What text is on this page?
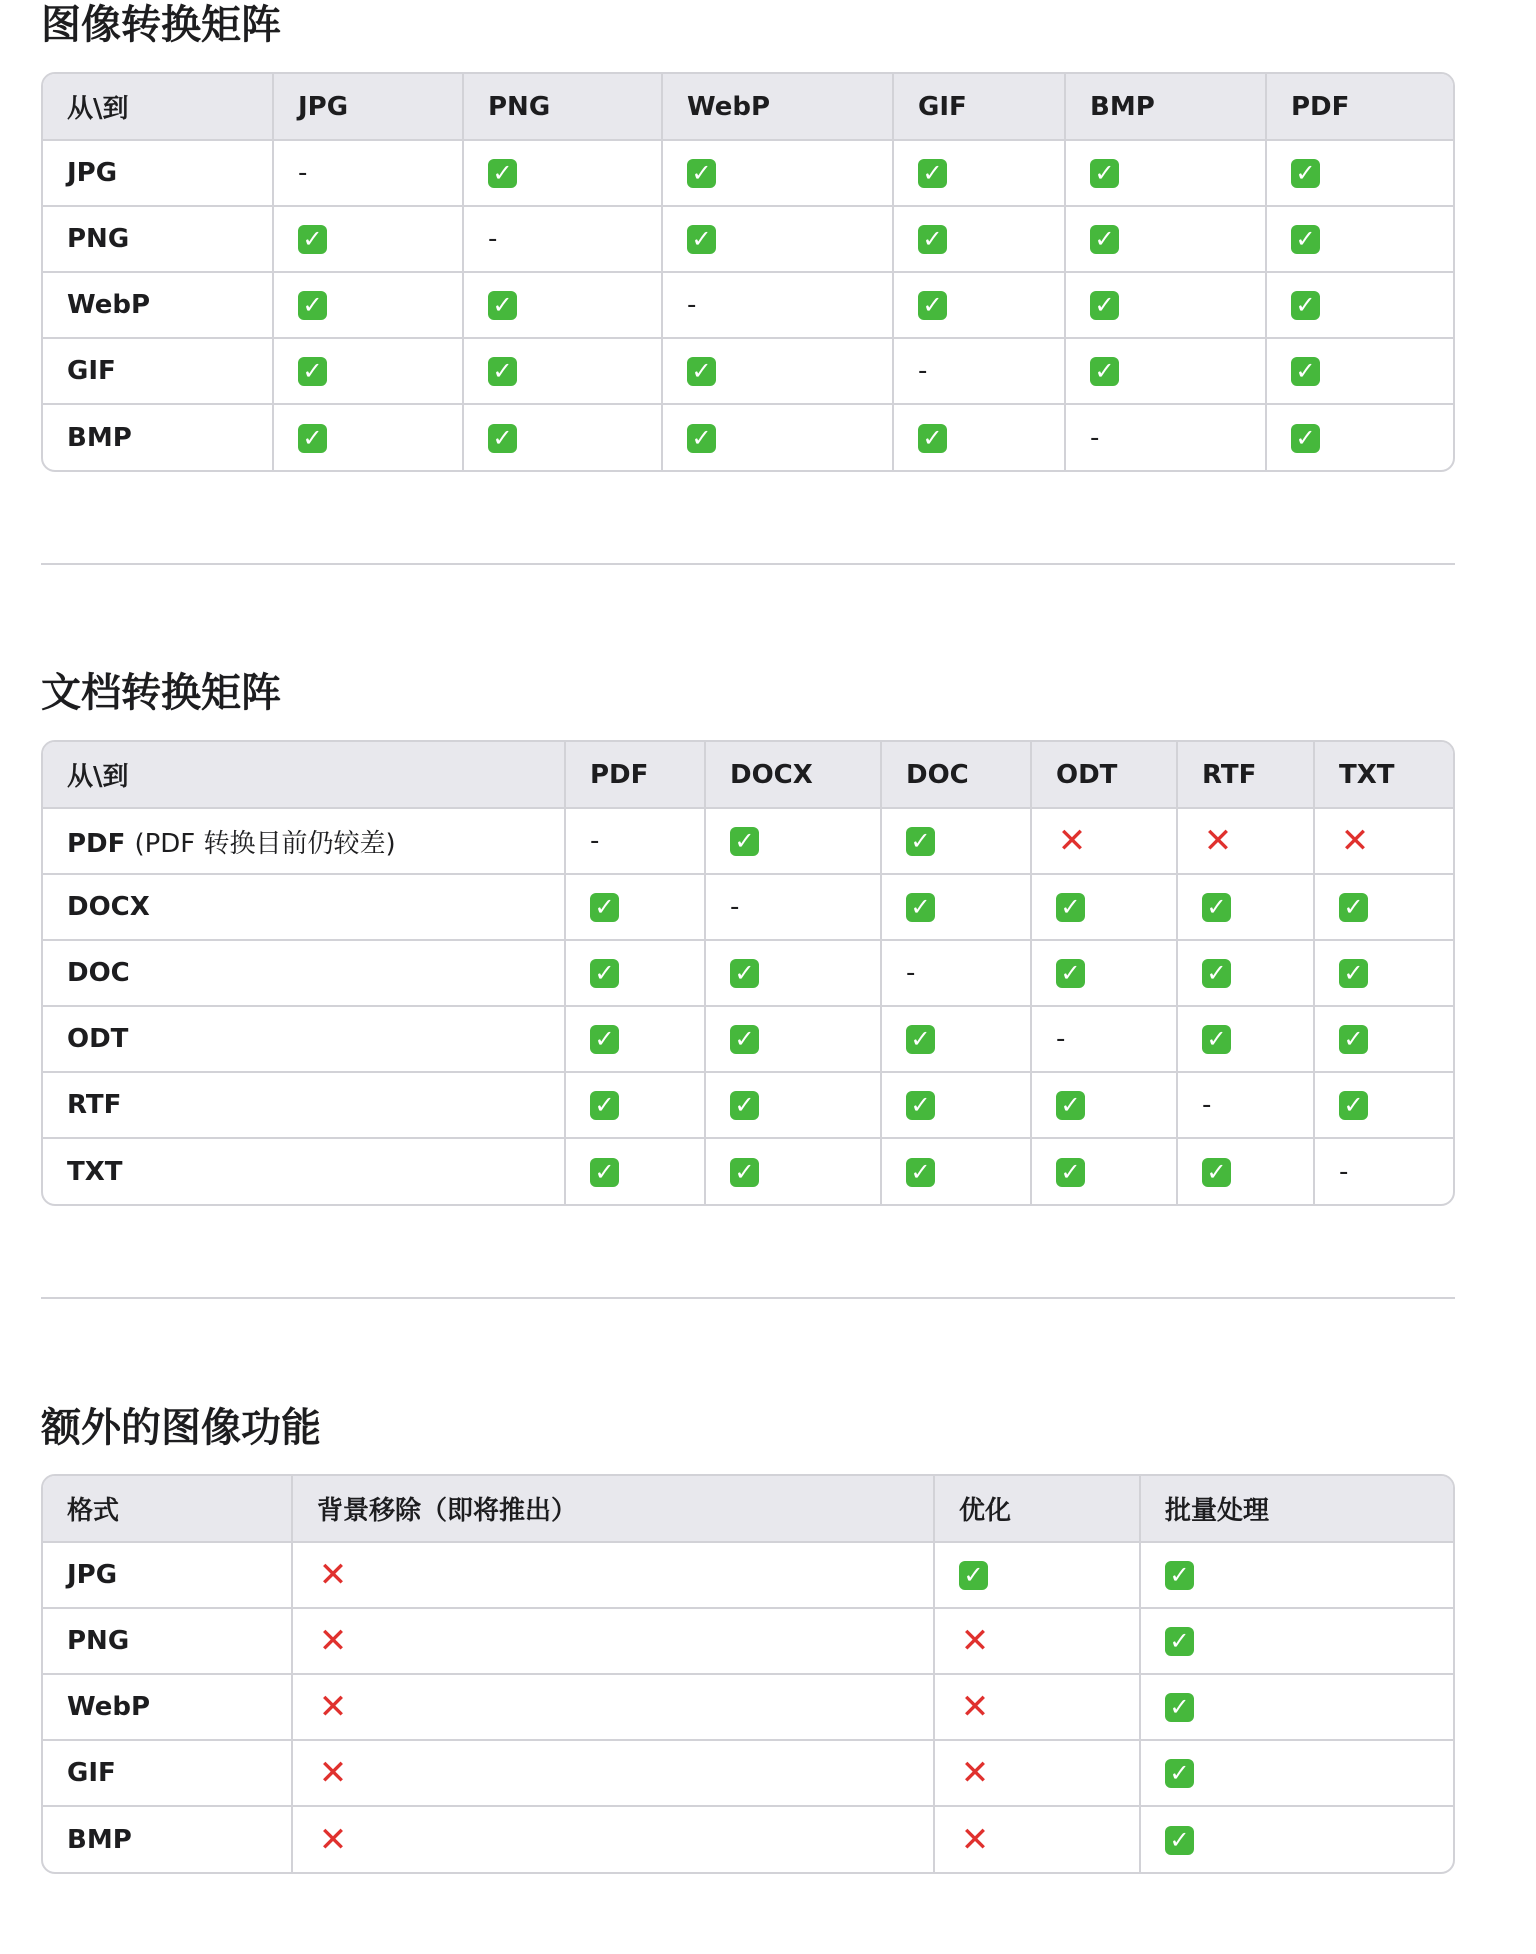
图像转换矩阵
从\到	JPG	PNG	WebP	GIF	BMP	PDF
JPG	-	✓	✓	✓	✓	✓
PNG	✓	-	✓	✓	✓	✓
WebP	✓	✓	-	✓	✓	✓
GIF	✓	✓	✓	-	✓	✓
BMP	✓	✓	✓	✓	-	✓
文档转换矩阵
从\到	PDF	DOCX	DOC	ODT	RTF	TXT
PDF (PDF 转换目前仍较差)	-	✓	✓	✕	✕	✕
DOCX	✓	-	✓	✓	✓	✓
DOC	✓	✓	-	✓	✓	✓
ODT	✓	✓	✓	-	✓	✓
RTF	✓	✓	✓	✓	-	✓
TXT	✓	✓	✓	✓	✓	-
额外的图像功能
格式	背景移除（即将推出）	优化	批量处理
JPG	✕	✓	✓
PNG	✕	✕	✓
WebP	✕	✕	✓
GIF	✕	✕	✓
BMP	✕	✕	✓
